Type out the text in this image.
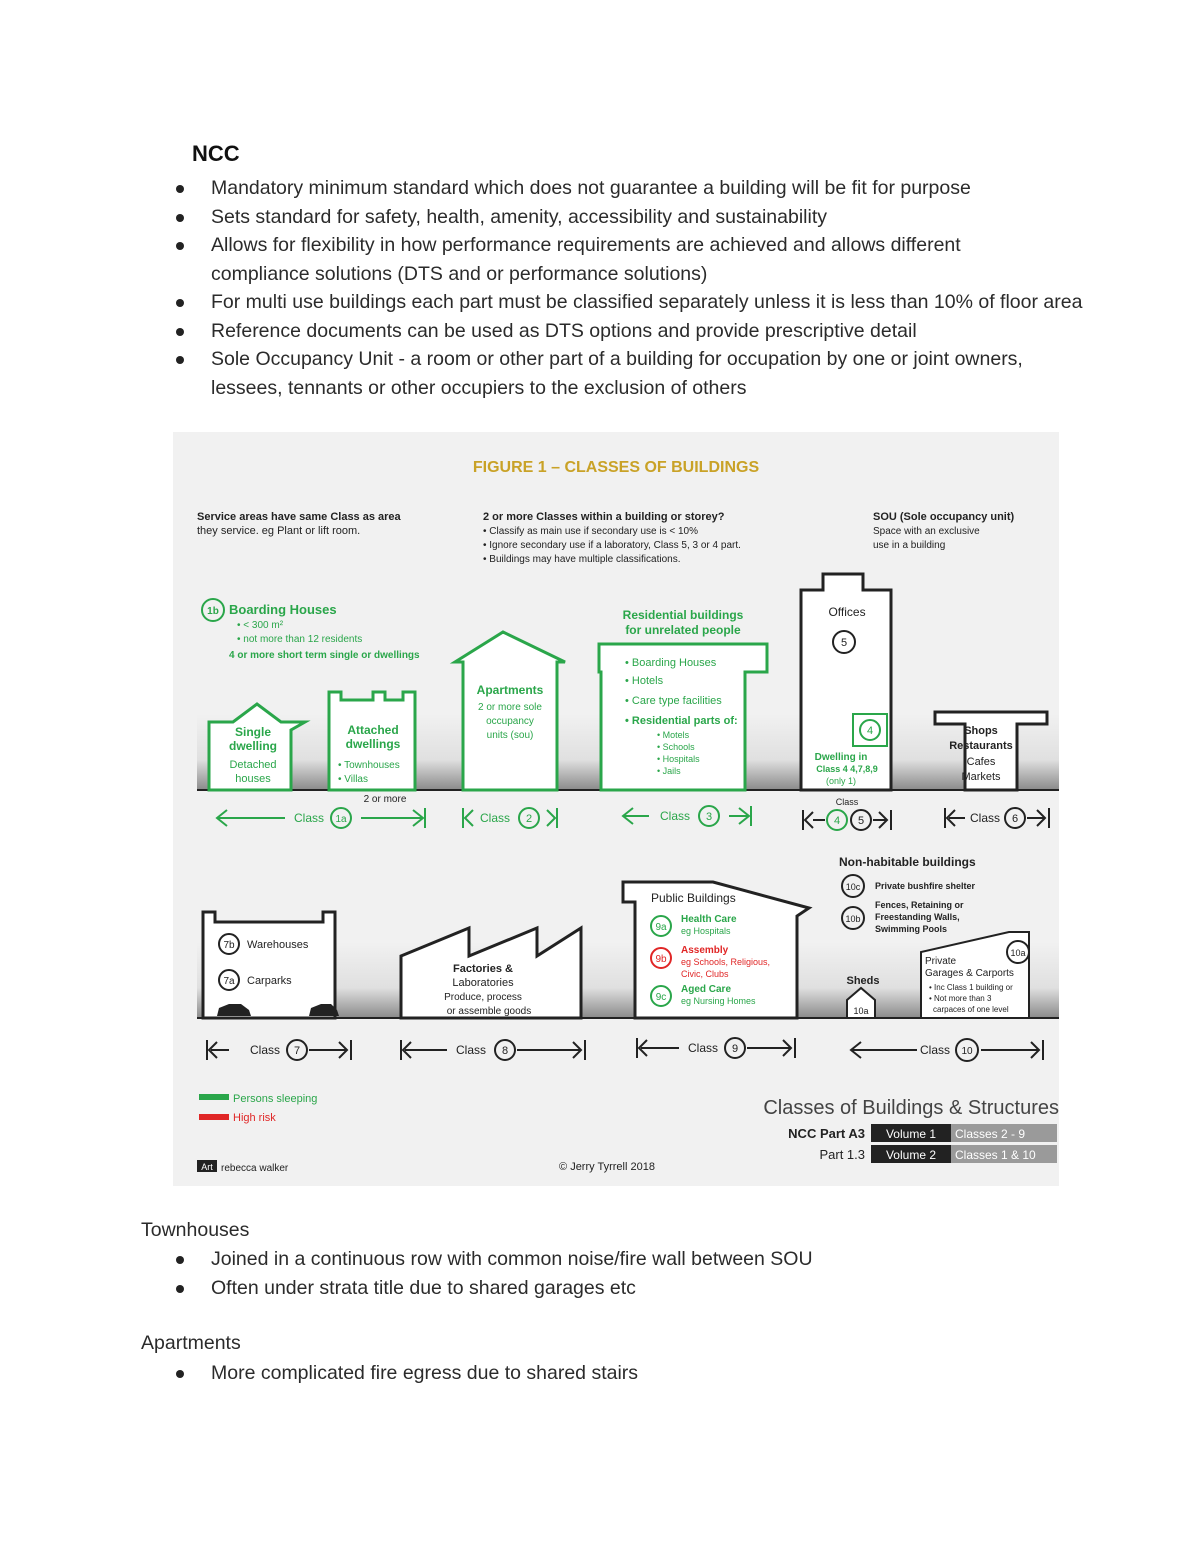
NCC
Mandatory minimum standard which does not guarantee a building will be fit for purpose
Sets standard for safety, health, amenity, accessibility and sustainability
Allows for flexibility in how performance requirements are achieved and allows different compliance solutions (DTS and or performance solutions)
For multi use buildings each part must be classified separately unless it is less than 10% of floor area
Reference documents can be used as DTS options and provide prescriptive detail
Sole Occupancy Unit - a room or other part of a building for occupation by one or joint owners, lessees, tennants or other occupiers to the exclusion of others
FIGURE 1 – CLASSES OF BUILDINGS
Service areas have same Class as area
they service. eg Plant or lift room.
2 or more Classes within a building or storey?
• Classify as main use if secondary use is < 10%
• Ignore secondary use if a laboratory, Class 5, 3 or 4 part.
• Buildings may have multiple classifications.
SOU (Sole occupancy unit)
Space with an exclusive
use in a building
1b Boarding Houses
• < 300 m²
• not more than 12 residents
4 or more short term single or dwellings
Single
dwelling
Detached
houses
Attached
dwellings
• Townhouses
• Villas
2 or more
Apartments
2 or more sole
occupancy
units (sou)
Residential buildings
for unrelated people
• Boarding Houses
• Hotels
• Care type facilities
• Residential parts of:
• Motels
• Schools
• Hospitals
• Jails
Offices
5
4
Dwelling in
Class 4 4,7,8,9
(only 1)
Shops
Restaurants
Cafes
Markets
Class 1a	Class 2	Class 3
Class
4 5	Class 6
Non-habitable buildings
10c Private bushfire shelter
10b
Fences, Retaining or
Freestanding Walls,
Swimming Pools
7b Warehouses
7a Carparks
Factories &
Laboratories
Produce, process
or assemble goods
Public Buildings
9a
Health Care
eg Hospitals
9b
Assembly
eg Schools, Religious,
Civic, Clubs
9c
Aged Care
eg Nursing Homes
Sheds
10a
10a
Private
Garages & Carports
• Inc Class 1 building or
• Not more than 3
carpaces of one level
Class 7	Class 8	Class 9	Class 10
Persons sleeping
High risk
Art rebecca walker	© Jerry Tyrrell 2018
Classes of Buildings & Structures
NCC Part A3 Volume 1 Classes 2 - 9
Part 1.3 Volume 2 Classes 1 & 10
Townhouses
Joined in a continuous row with common noise/fire wall between SOU
Often under strata title due to shared garages etc
Apartments
More complicated fire egress due to shared stairs
